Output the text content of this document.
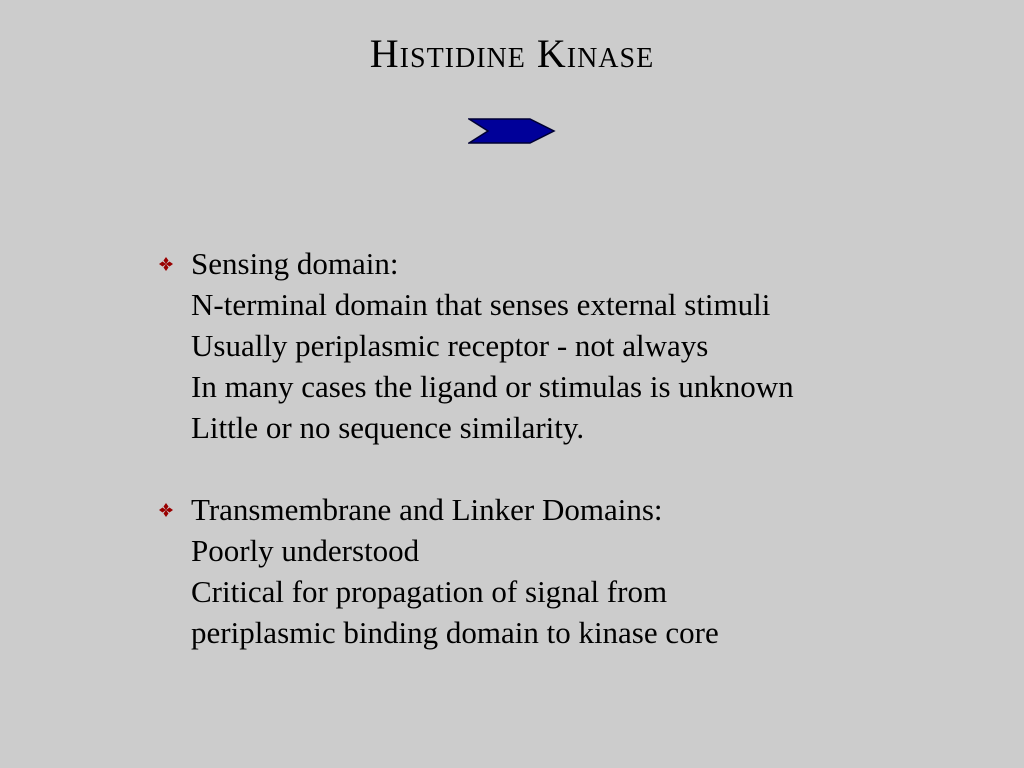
Histidine Kinase
Sensing domain:
N-terminal domain that senses external stimuli
Usually periplasmic receptor - not always
In many cases the ligand or stimulas is unknown
Little or no sequence similarity.
Transmembrane and Linker Domains:
Poorly understood
Critical for propagation of signal from
periplasmic binding domain to kinase core
